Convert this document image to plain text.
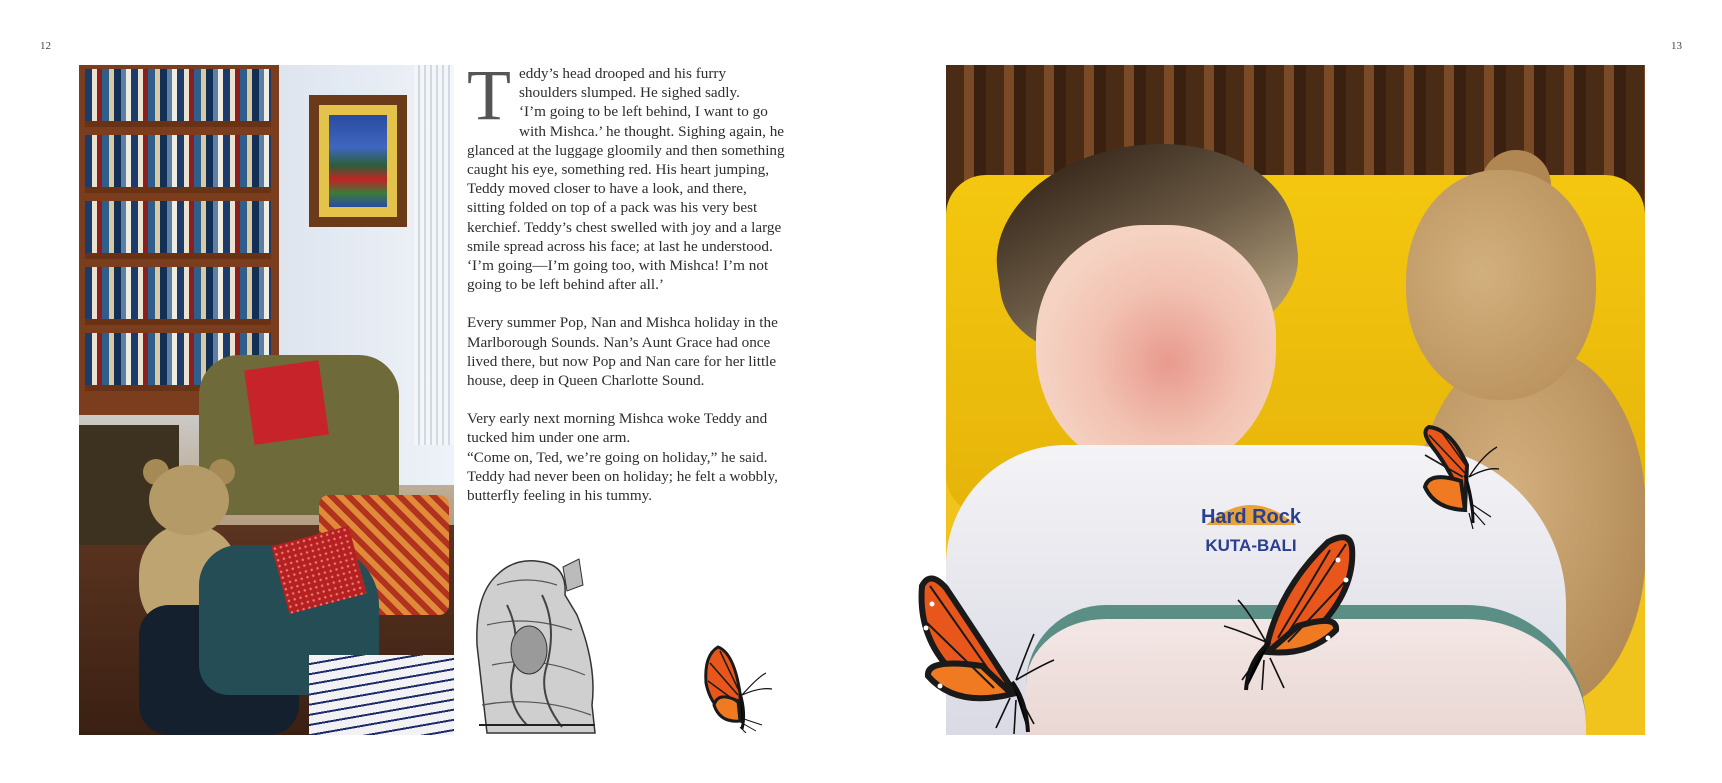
12	13
T eddy’s head drooped and his furry shoulders slumped. He sighed sadly.
‘I’m going to be left behind, I want to go with Mishca.’ he thought. Sighing again, he glanced at the luggage gloomily and then something caught his eye, something red. His heart jumping, Teddy moved closer to have a look, and there, sitting folded on top of a pack was his very best kerchief. Teddy’s chest swelled with joy and a large smile spread across his face; at last he understood.
‘I’m going—I’m going too, with Mishca! I’m not going to be left behind after all.’
Every summer Pop, Nan and Mishca holiday in the Marlborough Sounds. Nan’s Aunt Grace had once lived there, but now Pop and Nan care for her little house, deep in Queen Charlotte Sound.
Very early next morning Mishca woke Teddy and tucked him under one arm.
“Come on, Ted, we’re going on holiday,” he said. Teddy had never been on holiday; he felt a wobbly, butterfly feeling in his tummy.
Hard Rock
KUTA-BALI
